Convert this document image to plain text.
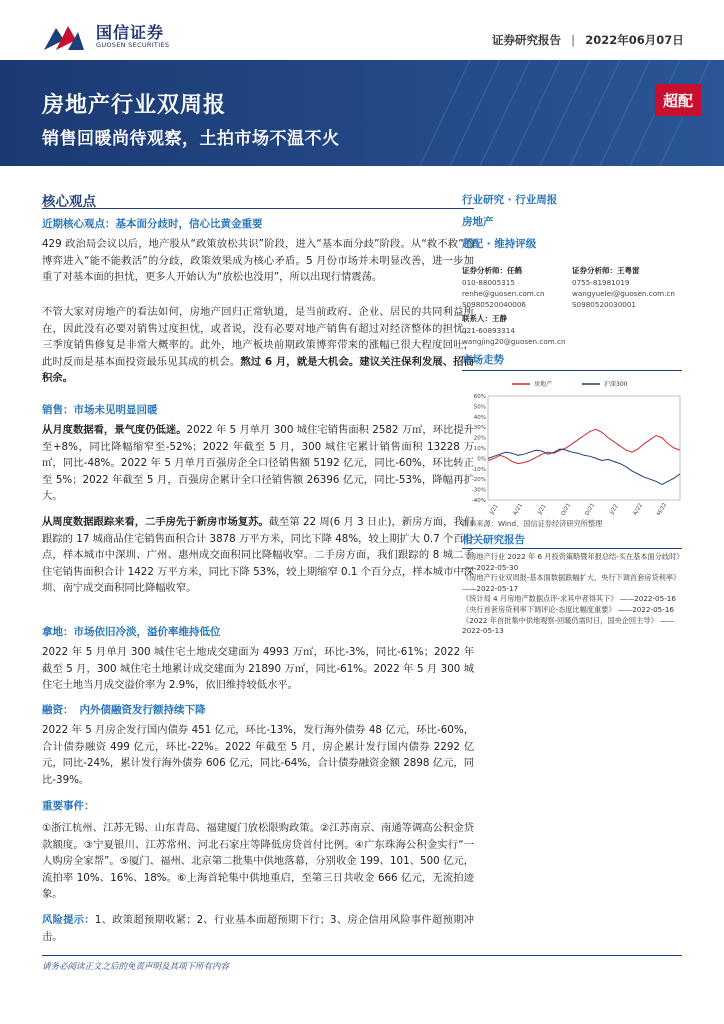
国信证券
GUOSEN SECURITIES	证券研究报告 | 2022年06月07日
房地产行业双周报
销售回暖尚待观察，土拍市场不温不火
超配
核心观点
近期核心观点：基本面分歧时，信心比黄金重要
429 政治局会议以后，地产股从“政策放松共识”阶段，进入“基本面分歧”阶段。从“救不救”的博弈进入“能不能救活”的分歧，政策效果成为核心矛盾。5 月份市场并未明显改善，进一步加重了对基本面的担忧，更多人开始认为“放松也没用”，所以出现行情震荡。
不管大家对房地产的看法如何，房地产回归正常轨道，是当前政府、企业、居民的共同利益所在，因此没有必要对销售过度担忧，或者说，没有必要对地产销售有超过对经济整体的担忧，三季度销售修复是非常大概率的。此外，地产板块前期政策博弈带来的涨幅已很大程度回吐，此时反而是基本面投资最乐见其成的机会。熬过 6 月，就是大机会。建议关注保利发展、招商积余。
销售：市场未见明显回暖
从月度数据看，景气度仍低迷。2022 年 5 月单月 300 城住宅销售面积 2582 万㎡，环比提升至+8%，同比降幅缩窄至-52%；2022 年截至 5 月，300 城住宅累计销售面积 13228 万㎡，同比-48%。2022 年 5 月单月百强房企全口径销售额 5192 亿元，同比-60%，环比转正至 5%；2022 年截至 5 月，百强房企累计全口径销售额 26396 亿元，同比-53%，降幅再扩大。
从周度数据跟踪来看，二手房先于新房市场复苏。截至第 22 周(6 月 3 日止)，新房方面，我们跟踪的 17 城商品住宅销售面积合计 3878 万平方米，同比下降 48%，较上期扩大 0.7 个百分点，样本城市中深圳、广州、惠州成交面积同比降幅收窄。二手房方面，我们跟踪的 8 城二手住宅销售面积合计 1422 万平方米，同比下降 53%，较上期缩窄 0.1 个百分点，样本城市中深圳、南宁成交面积同比降幅收窄。
拿地：市场依旧冷淡，溢价率维持低位
2022 年 5 月单月 300 城住宅土地成交建面为 4993 万㎡，环比-3%，同比-61%；2022 年截至 5 月，300 城住宅土地累计成交建面为 21890 万㎡，同比-61%。2022 年 5 月 300 城住宅土地当月成交溢价率为 2.9%，依旧维持较低水平。
融资： 内外债融资发行额持续下降
2022 年 5 月房企发行国内债券 451 亿元，环比-13%，发行海外债券 48 亿元，环比-60%，合计债券融资 499 亿元，环比-22%。2022 年截至 5 月，房企累计发行国内债券 2292 亿元，同比-24%，累计发行海外债券 606 亿元，同比-64%，合计债券融资金额 2898 亿元，同比-39%。
重要事件：
①浙江杭州、江苏无锡、山东青岛、福建厦门放松限购政策。②江苏南京、南通等调高公积金贷款额度。③宁夏银川、江苏常州、河北石家庄等降低房贷首付比例。④广东珠海公积金实行“一人购房全家帮”。⑤厦门、福州、北京第二批集中供地落幕，分别收金 199、101、500 亿元，流拍率 10%、16%、18%。⑥上海首轮集中供地重启，至第三日共收金 666 亿元，无流拍迹象。
风险提示：1、政策超预期收紧；2、行业基本面超预期下行；3、房企信用风险事件超预期冲击。
行业研究 · 行业周报
房地产
超配 · 维持评级
证券分析师：任鹤
010-88005315
renhe@guosen.com.cn
S0980520040006
证券分析师：王粤雷
0755-81981019
wangyuelei@guosen.com.cn
S0980520030001
联系人：王静
021-60893314
wangjing20@guosen.com.cn
市场走势
60%
50%
40%
30%
20%
10%
0%
-10%
-20%
-30%
-40%
J/21 A/21 J/21 O/21 D/21 J/22 A/22 M/22
房地产	沪深300
资料来源：Wind、国信证券经济研究所整理
相关研究报告
《房地产行业 2022 年 6 月投资策略暨年报总结-买在基本面分歧时》 ——2022-05-30
《房地产行业双周报-基本面数据跌幅扩大，央行下调首套房贷利率》 ——2022-05-17
《统计局 4 月房地产数据点评-求其中者得其下》 ——2022-05-16
《央行首套房贷利率下调评论-态度比幅度重要》 ——2022-05-16
《2022 年首批集中供地观察-回暖仍需时日，国央企回主导》 ——2022-05-13
请务必阅读正文之后的免责声明及其项下所有内容
